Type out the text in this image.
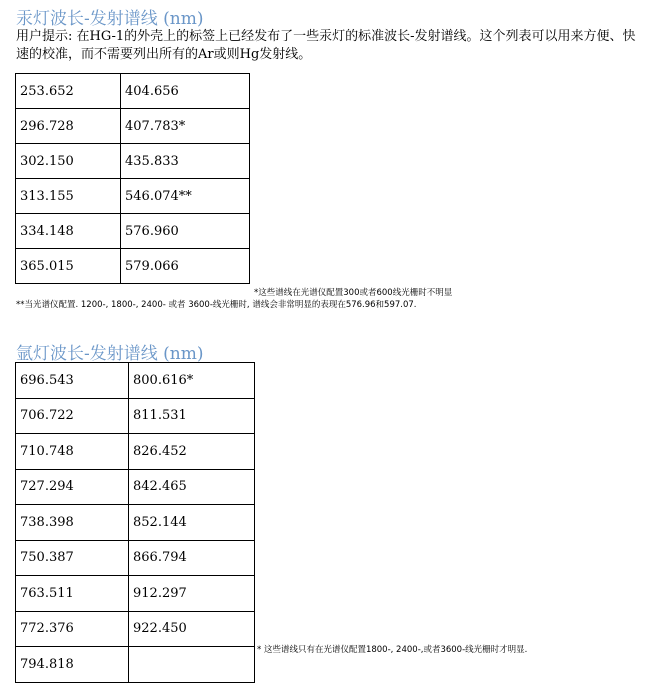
汞灯波长-发射谱线 (nm)

用户提示: 在HG-1的外壳上的标签上已经发布了一些汞灯的标准波长-发射谱线。这个列表可以用来方便、快速的校准，而不需要列出所有的Ar或则Hg发射线。

253.652	404.656
296.728	407.783*
302.150	435.833
313.155	546.074**
334.148	576.960
365.015	579.066

*这些谱线在光谱仪配置300或者600线光栅时不明显

**当光谱仪配置. 1200-, 1800-, 2400- 或者 3600-线光栅时, 谱线会非常明显的表现在576.96和597.07.

氩灯波长-发射谱线 (nm)
696.543	800.616*
706.722	811.531
710.748	826.452
727.294	842.465
738.398	852.144
750.387	866.794
763.511	912.297
772.376	922.450
794.818	

* 这些谱线只有在光谱仪配置1800-, 2400-,或者3600-线光栅时才明显.
